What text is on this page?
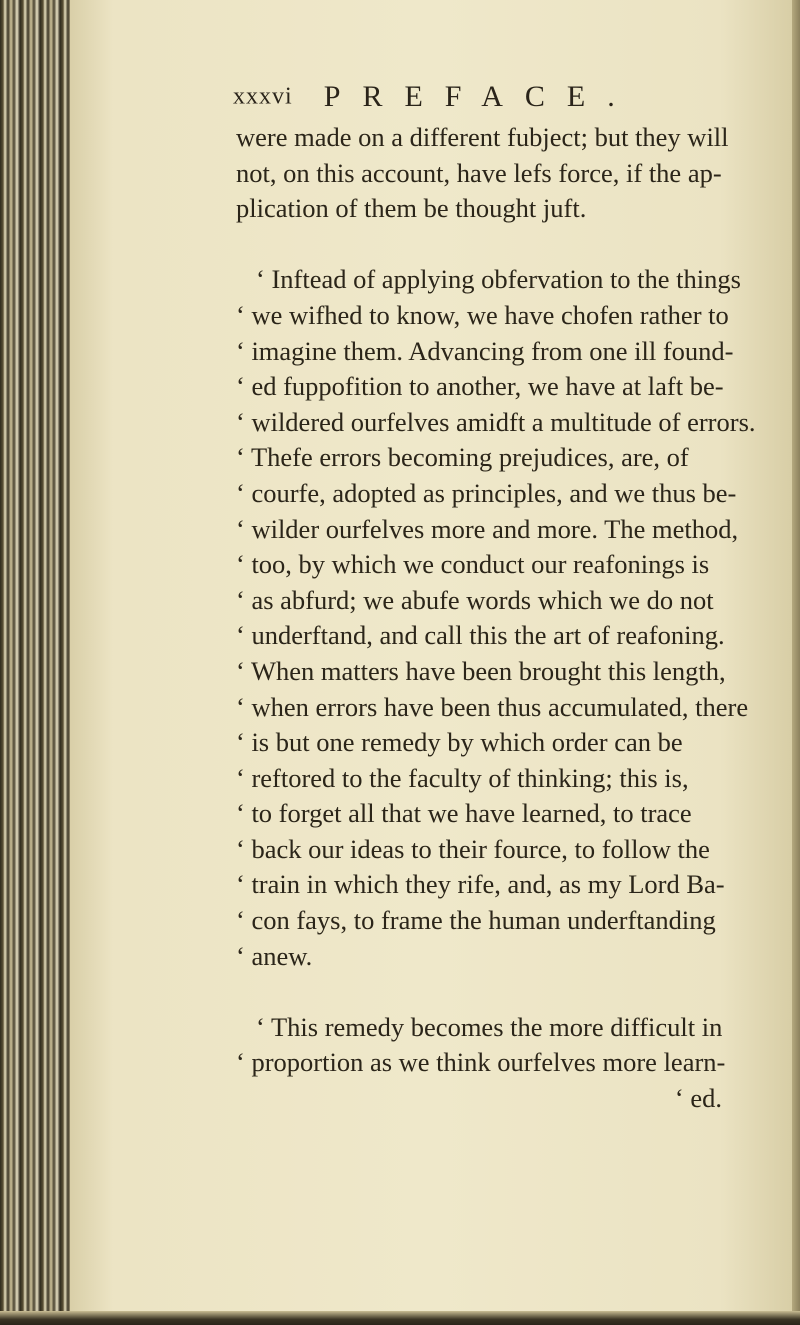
xxxvi PREFACE.
were made on a different fubject; but they will
not, on this account, have lefs force, if the ap-
plication of them be thought juft.
‘ Inftead of applying obfervation to the things
‘ we wifhed to know, we have chofen rather to
‘ imagine them. Advancing from one ill found-
‘ ed fuppofition to another, we have at laft be-
‘ wildered ourfelves amidft a multitude of errors.
‘ Thefe errors becoming prejudices, are, of
‘ courfe, adopted as principles, and we thus be-
‘ wilder ourfelves more and more. The method,
‘ too, by which we conduct our reafonings is
‘ as abfurd; we abufe words which we do not
‘ underftand, and call this the art of reafoning.
‘ When matters have been brought this length,
‘ when errors have been thus accumulated, there
‘ is but one remedy by which order can be
‘ reftored to the faculty of thinking; this is,
‘ to forget all that we have learned, to trace
‘ back our ideas to their fource, to follow the
‘ train in which they rife, and, as my Lord Ba-
‘ con fays, to frame the human underftanding
‘ anew.
‘ This remedy becomes the more difficult in
‘ proportion as we think ourfelves more learn-
‘ ed.
